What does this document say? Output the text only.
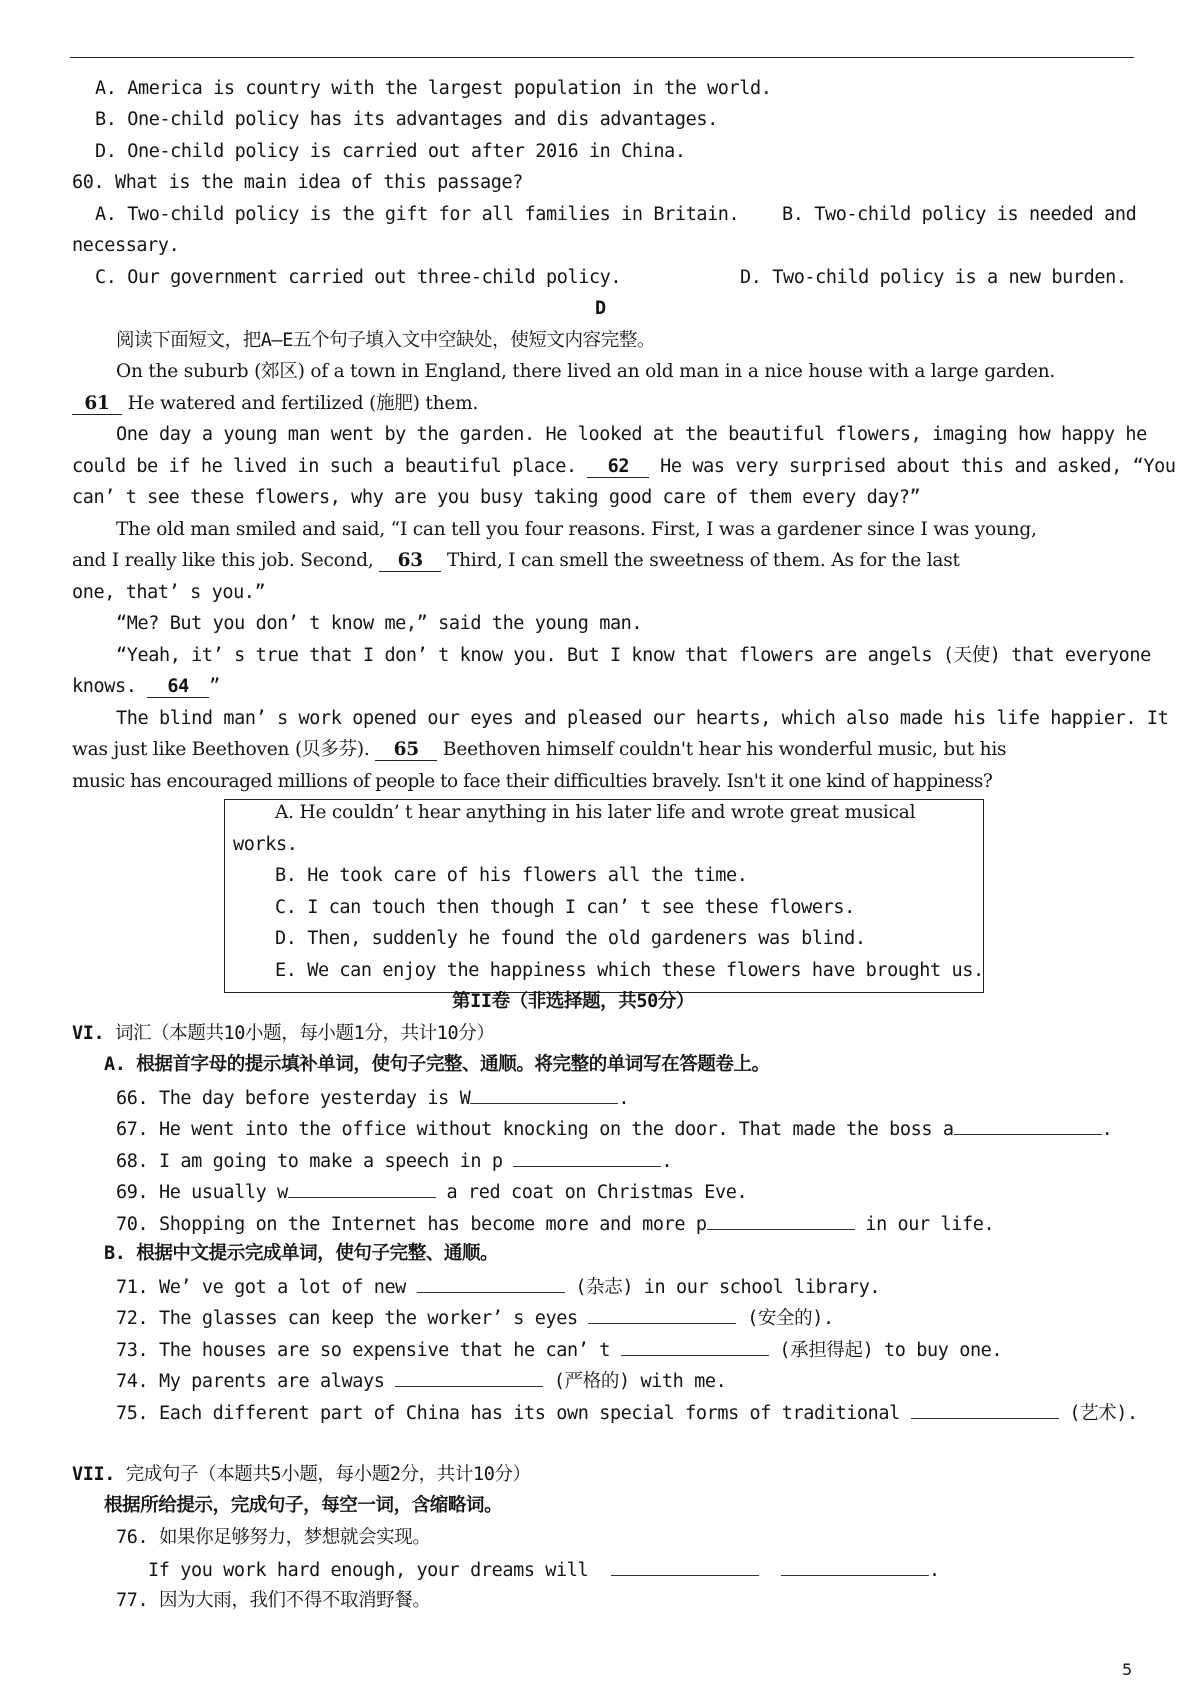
A. America is country with the largest population in the world.
B. One-child policy has its advantages and dis advantages.
D. One-child policy is carried out after 2016 in China.
60. What is the main idea of this passage?
A. Two-child policy is the gift for all families in Britain. B. Two-child policy is needed and
necessary.
C. Our government carried out three-child policy.	D. Two-child policy is a new burden.
D
阅读下面短文，把A—E五个句子填入文中空缺处，使短文内容完整。
On the suburb (郊区) of a town in England, there lived an old man in a nice house with a large garden.
61 He watered and fertilized (施肥) them.
One day a young man went by the garden. He looked at the beautiful flowers, imaging how happy he
could be if he lived in such a beautiful place. 62 He was very surprised about this and asked, “You
can’ t see these flowers, why are you busy taking good care of them every day?”
The old man smiled and said, “I can tell you four reasons. First, I was a gardener since I was young,
and I really like this job. Second, 63 Third, I can smell the sweetness of them. As for the last
one, that’ s you.”
“Me? But you don’ t know me,” said the young man.
“Yeah, it’ s true that I don’ t know you. But I know that flowers are angels (天使) that everyone
knows. 64 ”
The blind man’ s work opened our eyes and pleased our hearts, which also made his life happier. It
was just like Beethoven (贝多芬). 65 Beethoven himself couldn't hear his wonderful music, but his
music has encouraged millions of people to face their difficulties bravely. Isn't it one kind of happiness?
A. He couldn’ t hear anything in his later life and wrote great musical
works.
B. He took care of his flowers all the time.
C. I can touch then though I can’ t see these flowers.
D. Then, suddenly he found the old gardeners was blind.
E. We can enjoy the happiness which these flowers have brought us.
第II卷（非选择题，共50分）
VI. 词汇（本题共10小题，每小题1分，共计10分）
A. 根据首字母的提示填补单词，使句子完整、通顺。将完整的单词写在答题卷上。
66. The day before yesterday is W	.
67. He went into the office without knocking on the door. That made the boss a	.
68. I am going to make a speech in p	.
69. He usually w	a red coat on Christmas Eve.
70. Shopping on the Internet has become more and more p	in our life.
B. 根据中文提示完成单词，使句子完整、通顺。
71. We’ ve got a lot of new	(杂志) in our school library.
72. The glasses can keep the worker’ s eyes	(安全的).
73. The houses are so expensive that he can’ t	(承担得起) to buy one.
74. My parents are always	(严格的) with me.
75. Each different part of China has its own special forms of traditional	(艺术).
VII. 完成句子（本题共5小题，每小题2分，共计10分）
根据所给提示，完成句子，每空一词，含缩略词。
76. 如果你足够努力，梦想就会实现。
If you work hard enough, your dreams will	.
77. 因为大雨，我们不得不取消野餐。
5
